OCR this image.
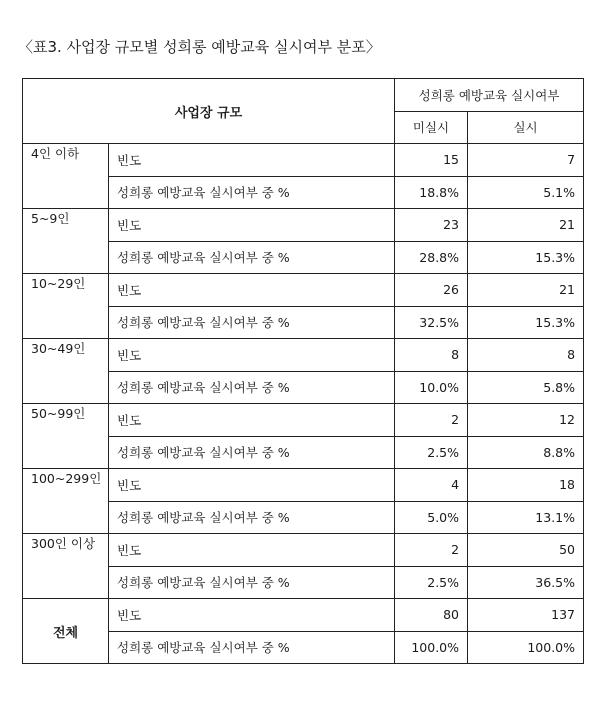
〈표3. 사업장 규모별 성희롱 예방교육 실시여부 분포〉
사업장 규모		성희롱 예방교육 실시여부	
		미실시	실시
4인 이하	빈도	15	7
	성희롱 예방교육 실시여부 중 %	18.8%	5.1%
5~9인	빈도	23	21
	성희롱 예방교육 실시여부 중 %	28.8%	15.3%
10~29인	빈도	26	21
	성희롱 예방교육 실시여부 중 %	32.5%	15.3%
30~49인	빈도	8	8
	성희롱 예방교육 실시여부 중 %	10.0%	5.8%
50~99인	빈도	2	12
	성희롱 예방교육 실시여부 중 %	2.5%	8.8%
100~299인	빈도	4	18
	성희롱 예방교육 실시여부 중 %	5.0%	13.1%
300인 이상	빈도	2	50
	성희롱 예방교육 실시여부 중 %	2.5%	36.5%
전체	빈도	80	137
	성희롱 예방교육 실시여부 중 %	100.0%	100.0%
